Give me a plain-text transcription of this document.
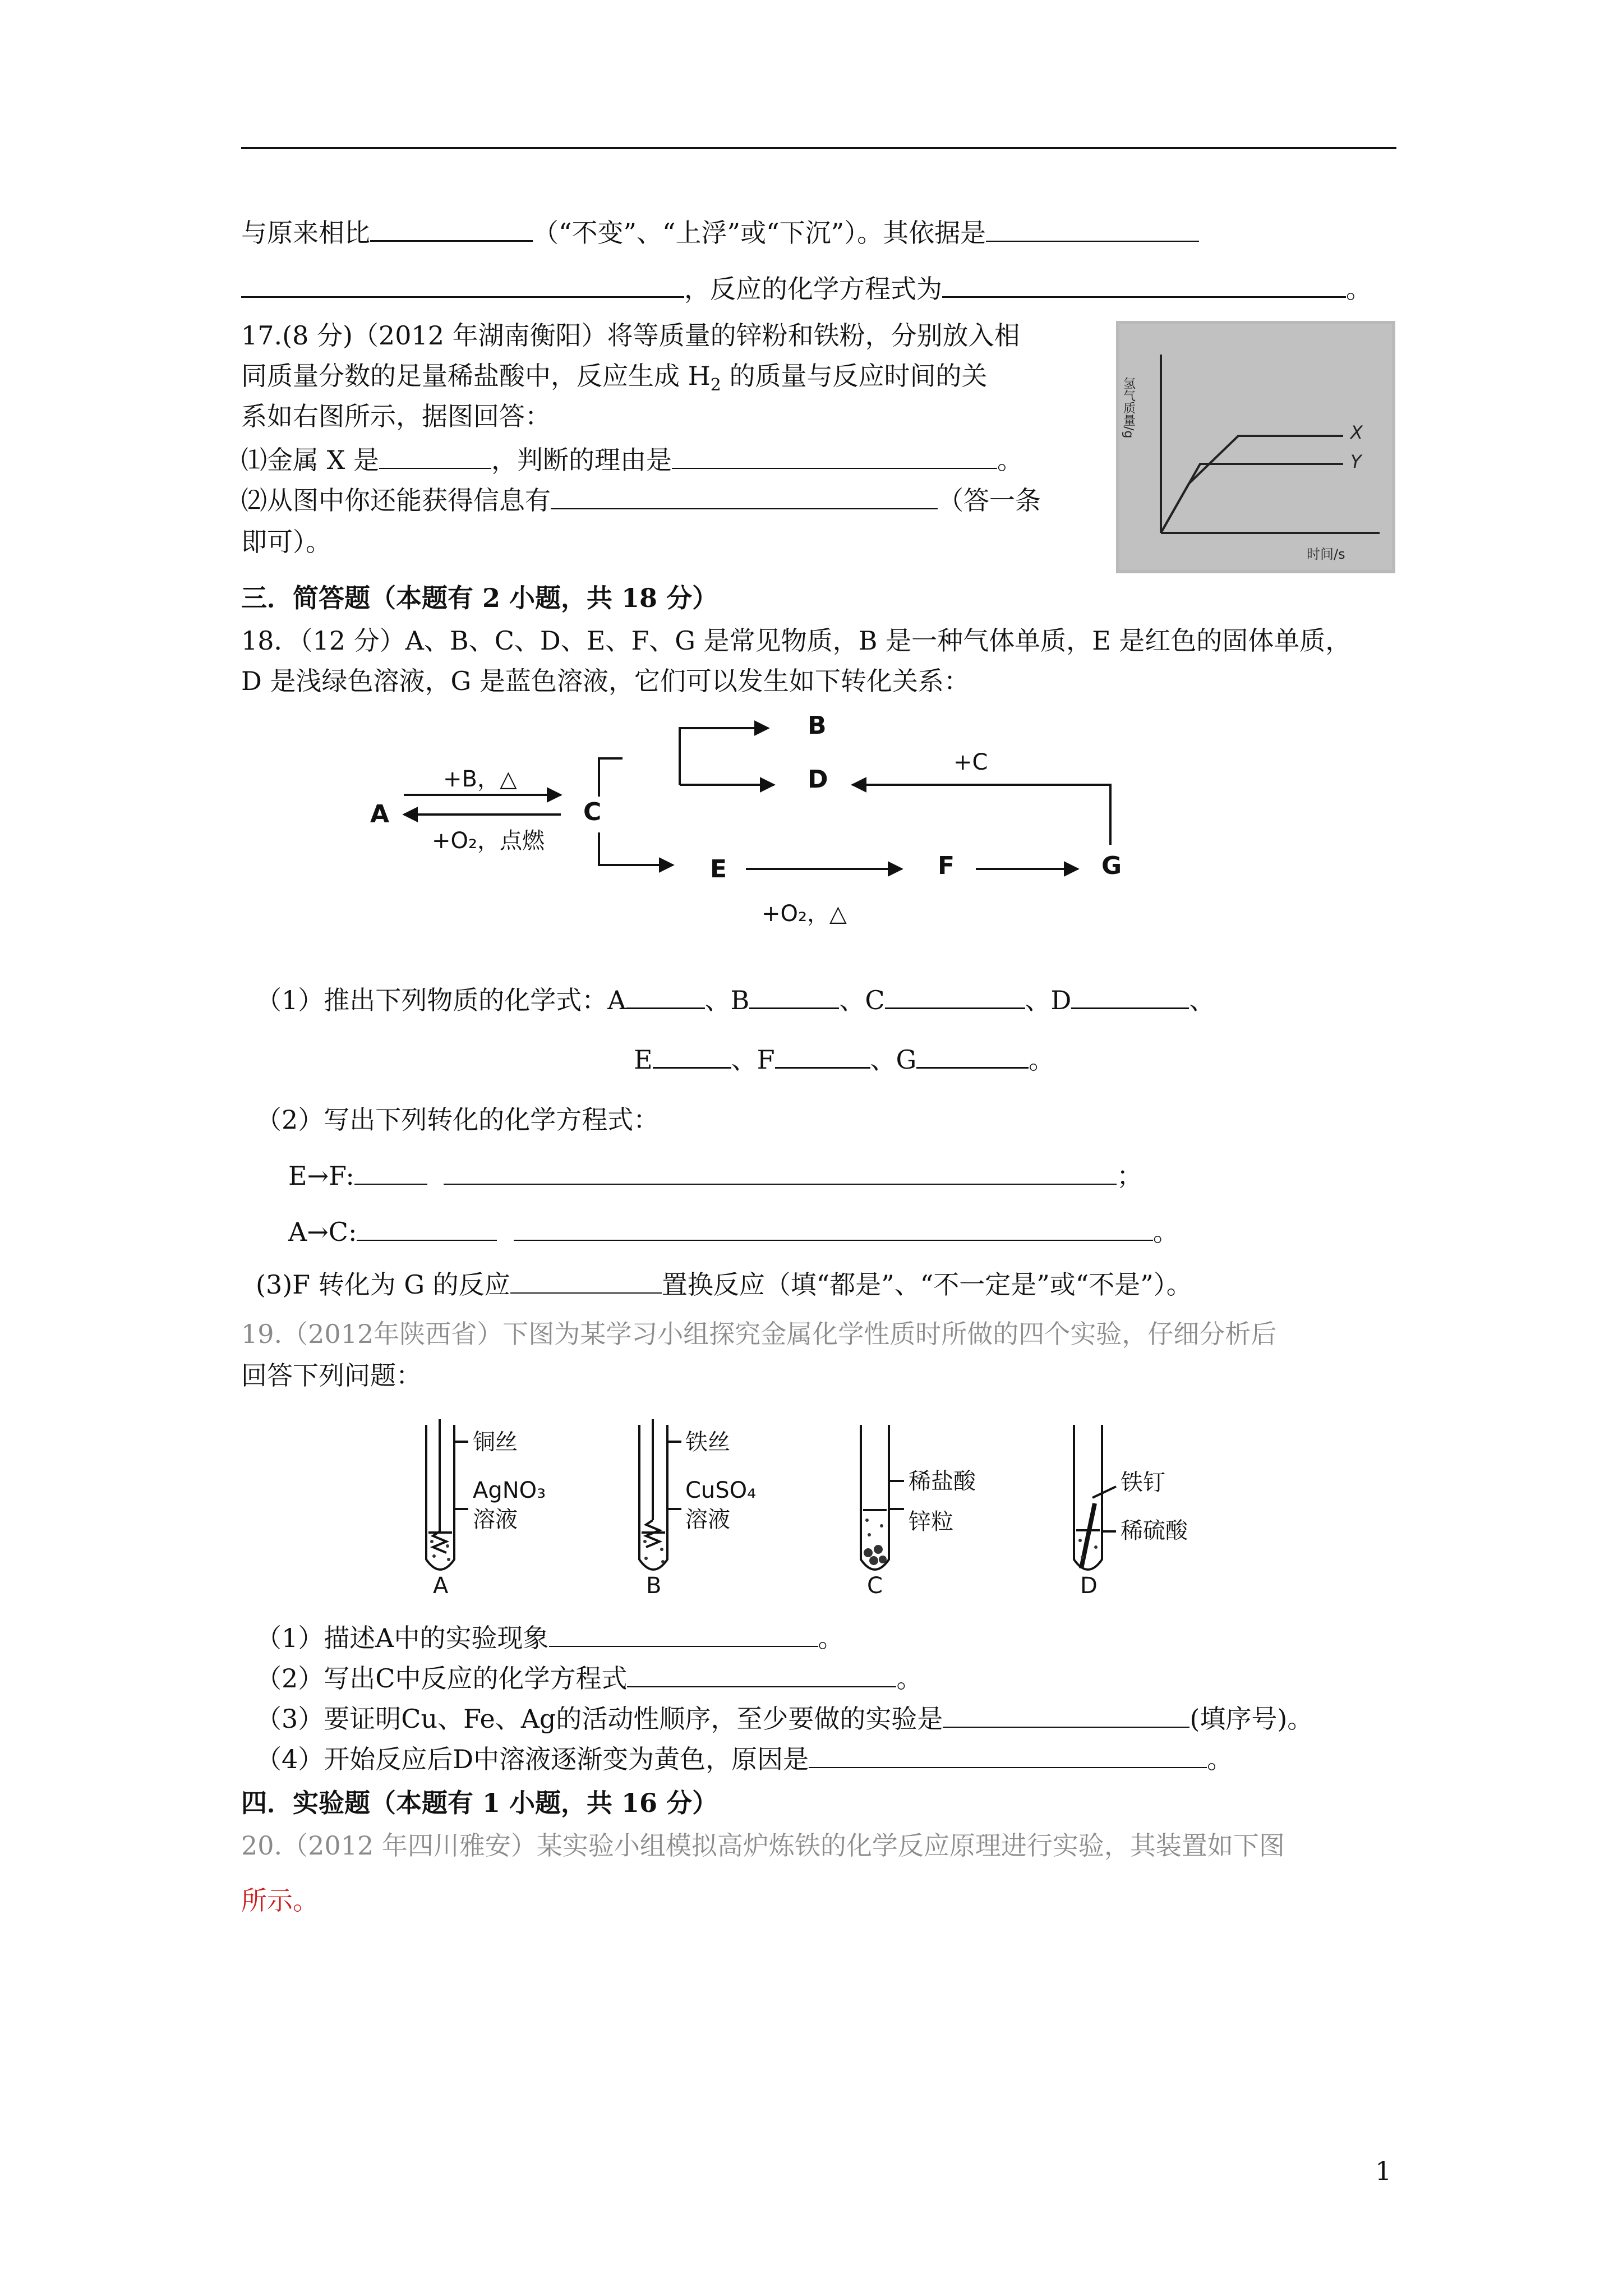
与原来相比	（“不变”、“上浮”或“下沉”）。其依据是
，反应的化学方程式为	。
17.(8 分)（2012 年湖南衡阳）将等质量的锌粉和铁粉，分别放入相
同质量分数的足量稀盐酸中，反应生成 $H_2$ 的质量与反应时间的关
系如右图所示，据图回答：
⑴金属 X 是	，判断的理由是	。
⑵从图中你还能获得信息有	（答一条
即可）。
X
Y
氢气质量/g
时间/s
三．简答题（本题有 2 小题，共 18 分）
18．（12 分）A、B、C、D、E、F、G 是常见物质，B 是一种气体单质，E 是红色的固体单质，
D 是浅绿色溶液，G 是蓝色溶液，它们可以发生如下转化关系：
A	C
B
D
E	F	G
+B，△
+O₂，点燃
+O₂，△
+C
（1）推出下列物质的化学式：A	、B	、C	、D	、
E	、F	、G	。
（2）写出下列转化的化学方程式：
E→F:	；
A→C:	。
(3)F 转化为 G 的反应	置换反应（填“都是”、“不一定是”或“不是”）。
19.（2012年陕西省）下图为某学习小组探究金属化学性质时所做的四个实验，仔细分析后
回答下列问题：
铜丝
AgNO₃
溶液
A
铁丝
CuSO₄
溶液
B
稀盐酸
锌粒
C
铁钉
稀硫酸
D
（1）描述A中的实验现象	。
（2）写出C中反应的化学方程式	。
（3）要证明Cu、Fe、Ag的活动性顺序，至少要做的实验是	(填序号)。
（4）开始反应后D中溶液逐渐变为黄色，原因是	。
四．实验题（本题有 1 小题，共 16 分）
20.（2012 年四川雅安）某实验小组模拟高炉炼铁的化学反应原理进行实验，其装置如下图
所示。
1
